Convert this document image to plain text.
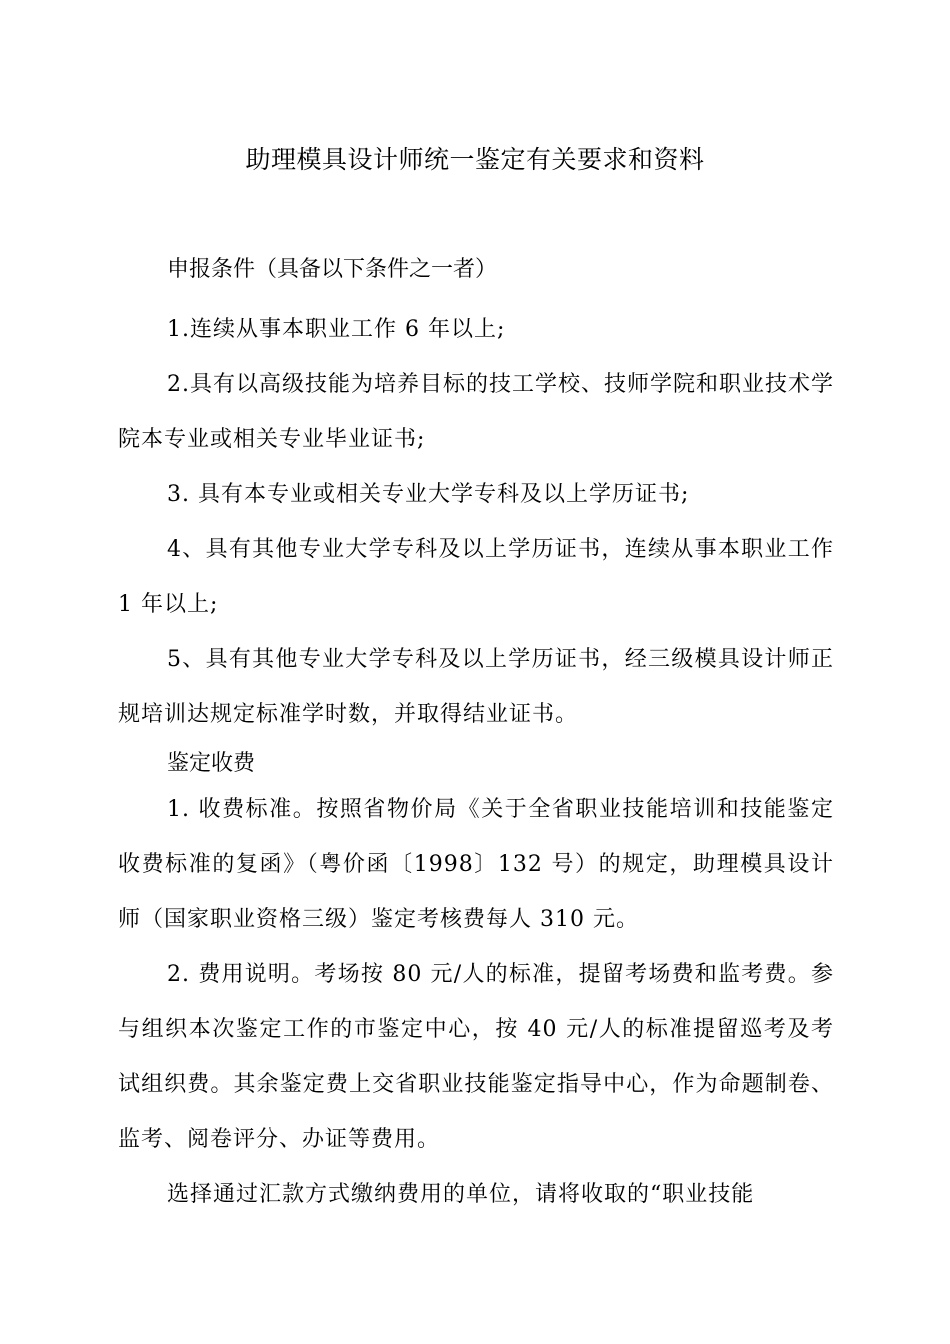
助理模具设计师统一鉴定有关要求和资料

申报条件（具备以下条件之一者）

1.连续从事本职业工作 6 年以上;

2.具有以高级技能为培养目标的技工学校、技师学院和职业技术学院本专业或相关专业毕业证书;

3. 具有本专业或相关专业大学专科及以上学历证书;

4、具有其他专业大学专科及以上学历证书，连续从事本职业工作 1 年以上;

5、具有其他专业大学专科及以上学历证书，经三级模具设计师正规培训达规定标准学时数，并取得结业证书。

鉴定收费

1. 收费标准。按照省物价局《关于全省职业技能培训和技能鉴定收费标准的复函》（粤价函〔1998〕132 号）的规定，助理模具设计师（国家职业资格三级）鉴定考核费每人 310 元。

2. 费用说明。考场按 80 元/人的标准，提留考场费和监考费。参与组织本次鉴定工作的市鉴定中心，按 40 元/人的标准提留巡考及考试组织费。其余鉴定费上交省职业技能鉴定指导中心，作为命题制卷、监考、阅卷评分、办证等费用。

选择通过汇款方式缴纳费用的单位，请将收取的“职业技能
